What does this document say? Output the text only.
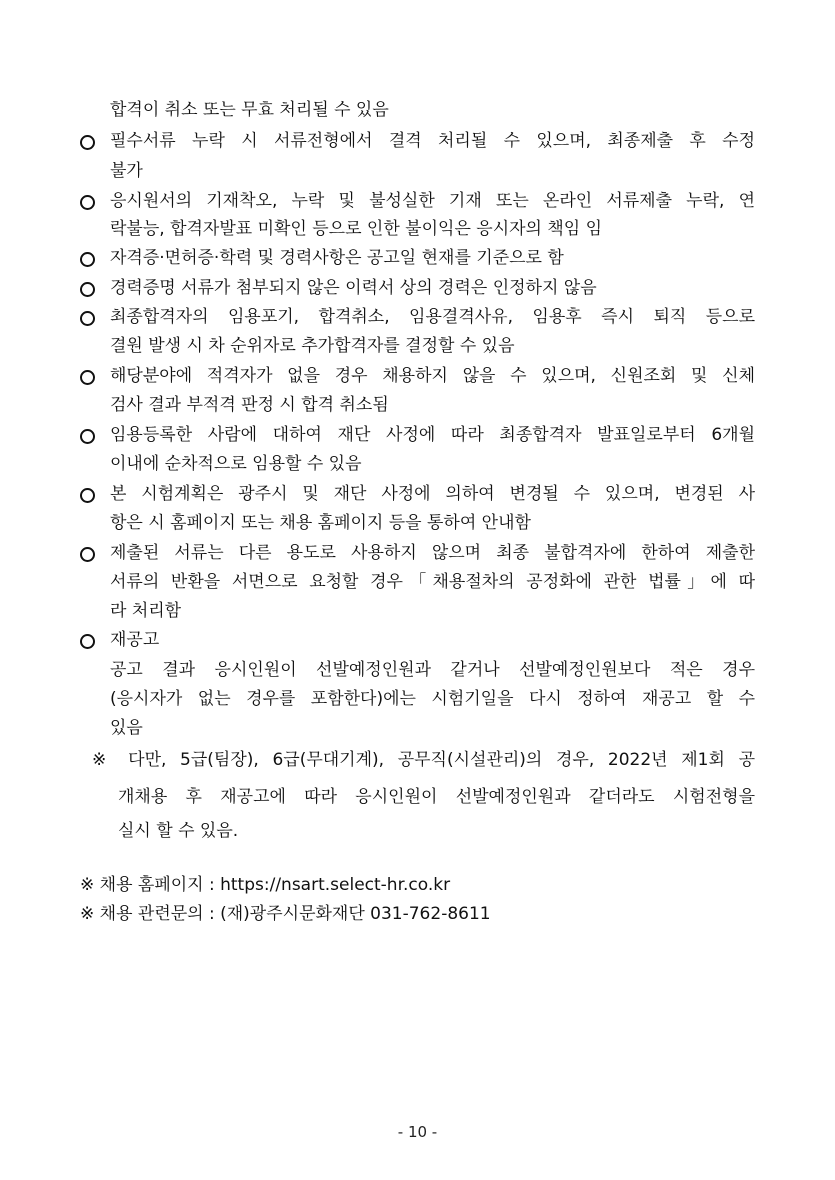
합격이 취소 또는 무효 처리될 수 있음
필수서류 누락 시 서류전형에서 결격 처리될 수 있으며, 최종제출 후 수정
불가
응시원서의 기재착오, 누락 및 불성실한 기재 또는 온라인 서류제출 누락, 연
락불능, 합격자발표 미확인 등으로 인한 불이익은 응시자의 책임 임
자격증·면허증·학력 및 경력사항은 공고일 현재를 기준으로 함
경력증명 서류가 첨부되지 않은 이력서 상의 경력은 인정하지 않음
최종합격자의 임용포기, 합격취소, 임용결격사유, 임용후 즉시 퇴직 등으로
결원 발생 시 차 순위자로 추가합격자를 결정할 수 있음
해당분야에 적격자가 없을 경우 채용하지 않을 수 있으며, 신원조회 및 신체
검사 결과 부적격 판정 시 합격 취소됨
임용등록한 사람에 대하여 재단 사정에 따라 최종합격자 발표일로부터 6개월
이내에 순차적으로 임용할 수 있음
본 시험계획은 광주시 및 재단 사정에 의하여 변경될 수 있으며, 변경된 사
항은 시 홈페이지 또는 채용 홈페이지 등을 통하여 안내함
제출된 서류는 다른 용도로 사용하지 않으며 최종 불합격자에 한하여 제출한
서류의 반환을 서면으로 요청할 경우「채용절차의 공정화에 관한 법률」에 따
라 처리함
재공고
공고 결과 응시인원이 선발예정인원과 같거나 선발예정인원보다 적은 경우
(응시자가 없는 경우를 포함한다)에는 시험기일을 다시 정하여 재공고 할 수
있음
※ 다만, 5급(팀장), 6급(무대기계), 공무직(시설관리)의 경우, 2022년 제1회 공
개채용 후 재공고에 따라 응시인원이 선발예정인원과 같더라도 시험전형을
실시 할 수 있음.
※ 채용 홈페이지 : https://nsart.select-hr.co.kr
※ 채용 관련문의 : (재)광주시문화재단 031-762-8611
- 10 -
